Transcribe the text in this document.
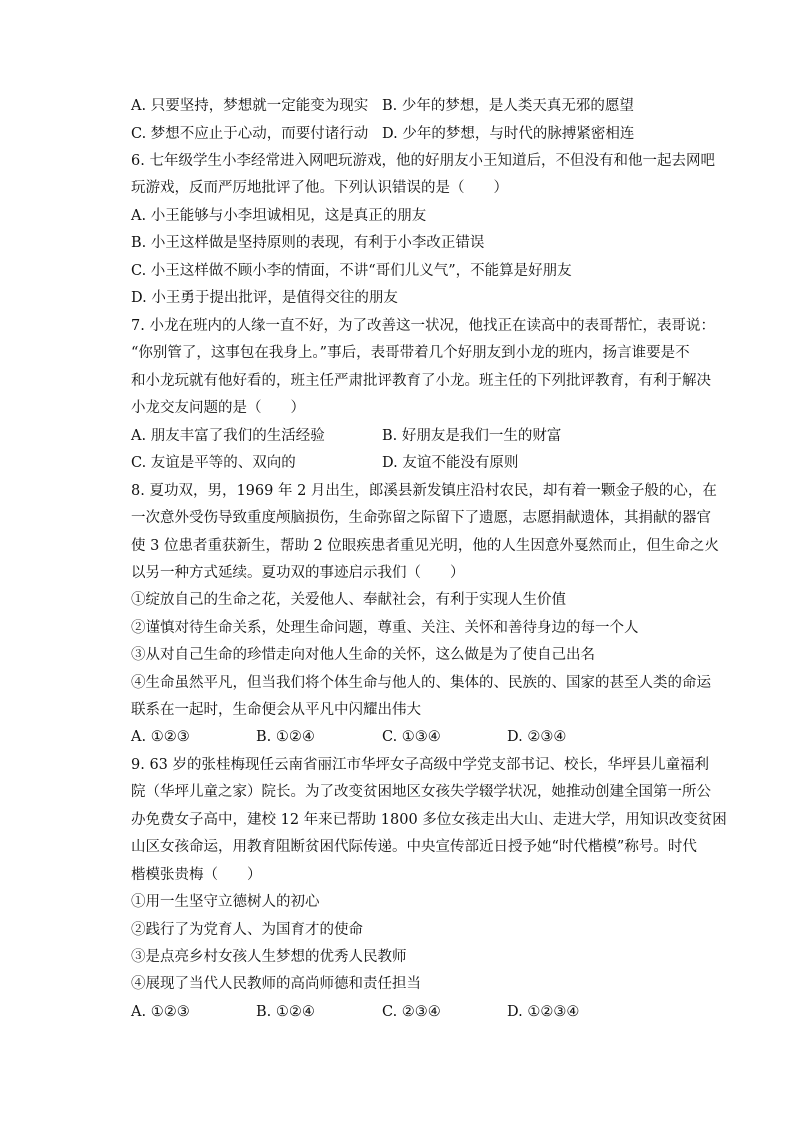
A. 只要坚持，梦想就一定能变为现实 B. 少年的梦想，是人类天真无邪的愿望
C. 梦想不应止于心动，而要付诸行动 D. 少年的梦想，与时代的脉搏紧密相连
6. 七年级学生小李经常进入网吧玩游戏，他的好朋友小王知道后，不但没有和他一起去网吧
玩游戏，反而严厉地批评了他。下列认识错误的是（　　）
A. 小王能够与小李坦诚相见，这是真正的朋友
B. 小王这样做是坚持原则的表现，有利于小李改正错误
C. 小王这样做不顾小李的情面，不讲“哥们儿义气”，不能算是好朋友
D. 小王勇于提出批评，是值得交往的朋友
7. 小龙在班内的人缘一直不好，为了改善这一状况，他找正在读高中的表哥帮忙，表哥说：
“你别管了，这事包在我身上。”事后，表哥带着几个好朋友到小龙的班内，扬言谁要是不
和小龙玩就有他好看的，班主任严肃批评教育了小龙。班主任的下列批评教育，有利于解决
小龙交友问题的是（　　）
A. 朋友丰富了我们的生活经验	B. 好朋友是我们一生的财富
C. 友谊是平等的、双向的	D. 友谊不能没有原则
8. 夏功双，男，1969 年 2 月出生，郎溪县新发镇庄沿村农民，却有着一颗金子般的心，在
一次意外受伤导致重度颅脑损伤，生命弥留之际留下了遗愿，志愿捐献遗体，其捐献的器官
使 3 位患者重获新生，帮助 2 位眼疾患者重见光明，他的人生因意外戛然而止，但生命之火
以另一种方式延续。夏功双的事迹启示我们（　　）
①绽放自己的生命之花，关爱他人、奉献社会，有利于实现人生价值
②谨慎对待生命关系，处理生命问题，尊重、关注、关怀和善待身边的每一个人
③从对自己生命的珍惜走向对他人生命的关怀，这么做是为了使自己出名
④生命虽然平凡，但当我们将个体生命与他人的、集体的、民族的、国家的甚至人类的命运
联系在一起时，生命便会从平凡中闪耀出伟大
A. ①②③	B. ①②④	C. ①③④	D. ②③④
9. 63 岁的张桂梅现任云南省丽江市华坪女子高级中学党支部书记、校长，华坪县儿童福利
院（华坪儿童之家）院长。为了改变贫困地区女孩失学辍学状况，她推动创建全国第一所公
办免费女子高中，建校 12 年来已帮助 1800 多位女孩走出大山、走进大学，用知识改变贫困
山区女孩命运，用教育阻断贫困代际传递。中央宣传部近日授予她“时代楷模”称号。时代
楷模张贵梅（　　）
①用一生坚守立德树人的初心
②践行了为党育人、为国育才的使命
③是点亮乡村女孩人生梦想的优秀人民教师
④展现了当代人民教师的高尚师德和责任担当
A. ①②③	B. ①②④	C. ②③④	D. ①②③④
